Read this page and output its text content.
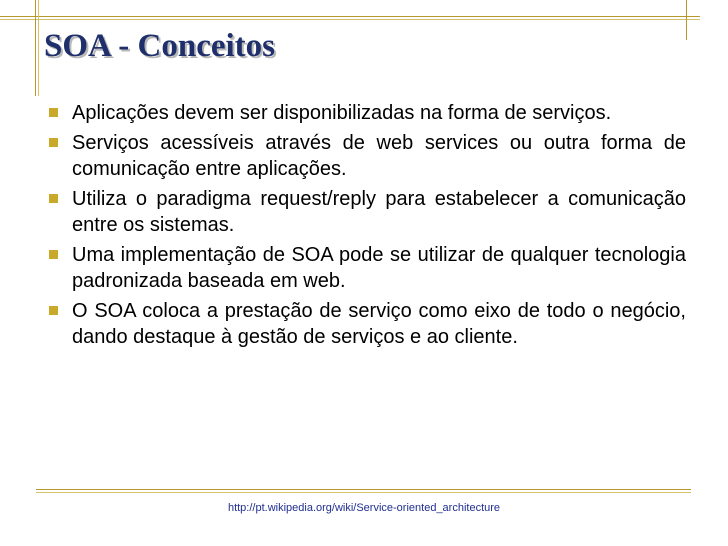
SOA - Conceitos
Aplicações devem ser disponibilizadas na forma de serviços.
Serviços acessíveis através de web services ou outra forma de comunicação entre aplicações.
Utiliza o paradigma request/reply para estabelecer a comunicação entre os sistemas.
Uma implementação de SOA pode se utilizar de qualquer tecnologia padronizada baseada em web.
O SOA coloca a prestação de serviço como eixo de todo o negócio, dando destaque à gestão de serviços e ao cliente.
http://pt.wikipedia.org/wiki/Service-oriented_architecture
